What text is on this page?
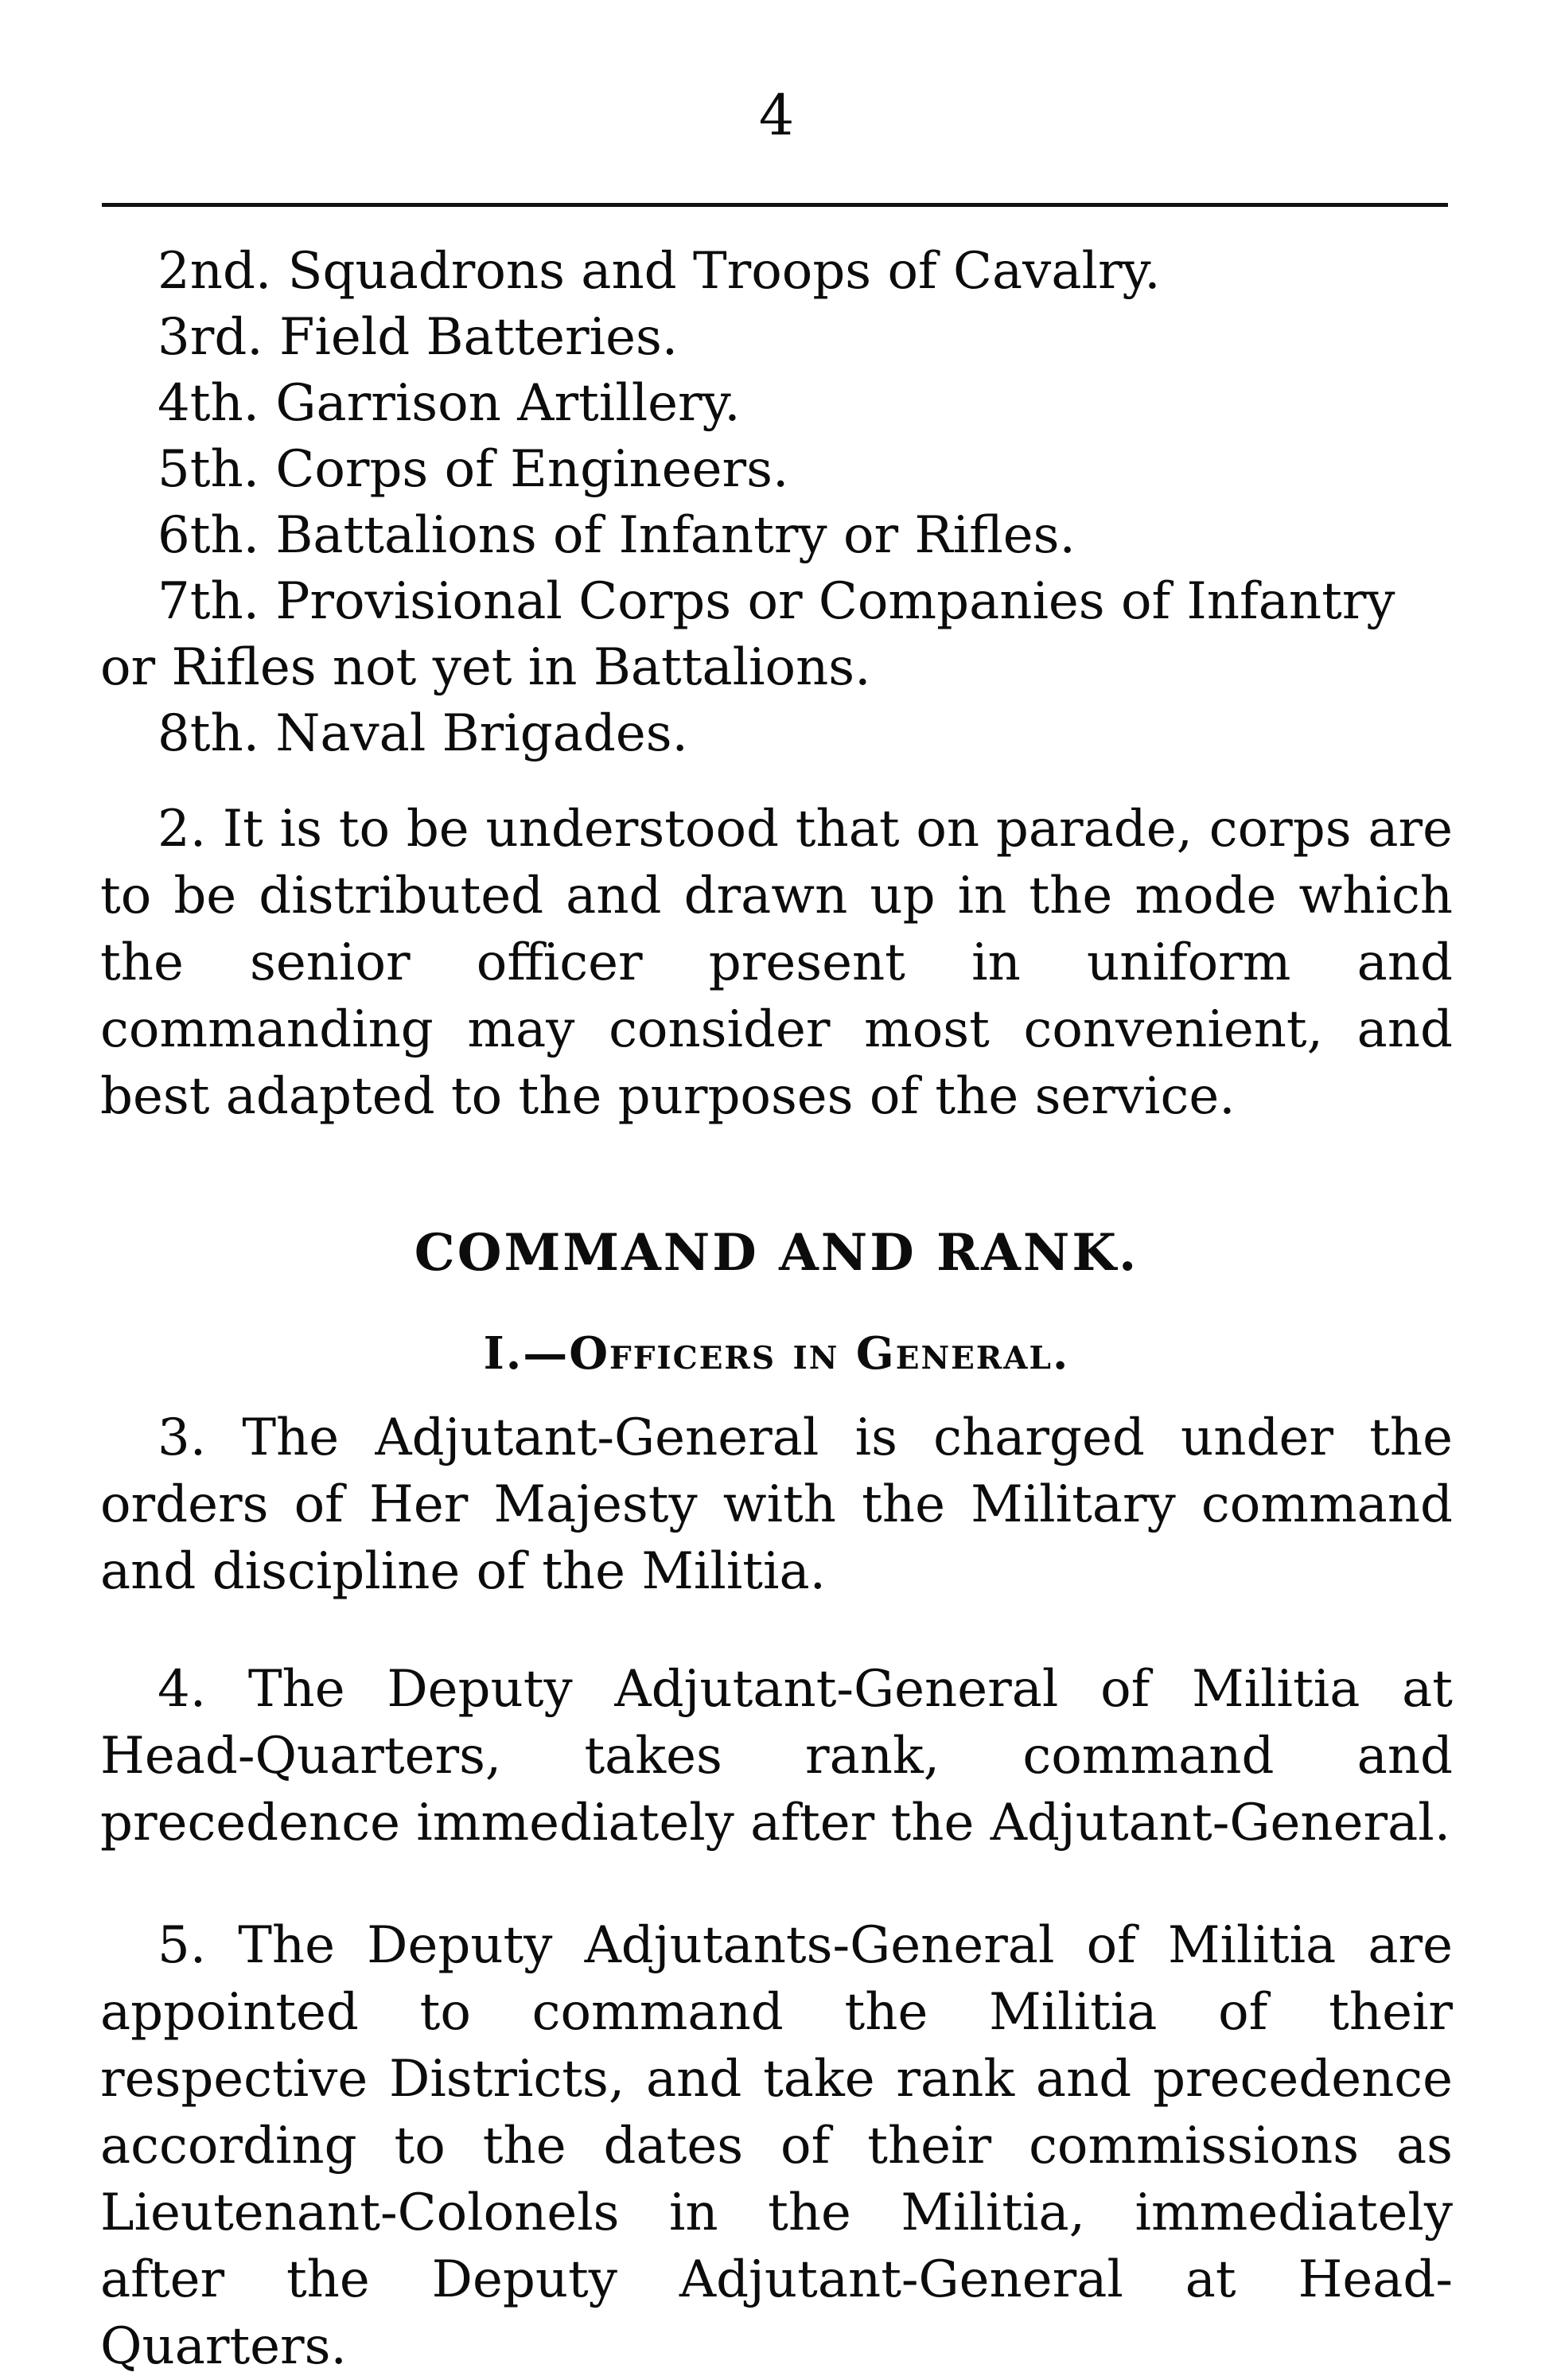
4

2nd. Squadrons and Troops of Cavalry.

3rd. Field Batteries.

4th. Garrison Artillery.

5th. Corps of Engineers.

6th. Battalions of Infantry or Rifles.

7th. Provisional Corps or Companies of Infantry

or Rifles not yet in Battalions.

8th. Naval Brigades.

2. It is to be understood that on parade, corps are to be distributed and drawn up in the mode which the senior officer present in uniform and commanding may consider most convenient, and best adapted to the purposes of the service.

COMMAND AND RANK.
I.—Officers in General.

3. The Adjutant-General is charged under the orders of Her Majesty with the Military command and discipline of the Militia.

4. The Deputy Adjutant-General of Militia at Head-Quarters, takes rank, command and precedence immediately after the Adjutant-General.

5. The Deputy Adjutants-General of Militia are appointed to command the Militia of their respective Districts, and take rank and precedence according to the dates of their commissions as Lieutenant-Colonels in the Militia, immediately after the Deputy Adjutant-General at Head-Quarters.
